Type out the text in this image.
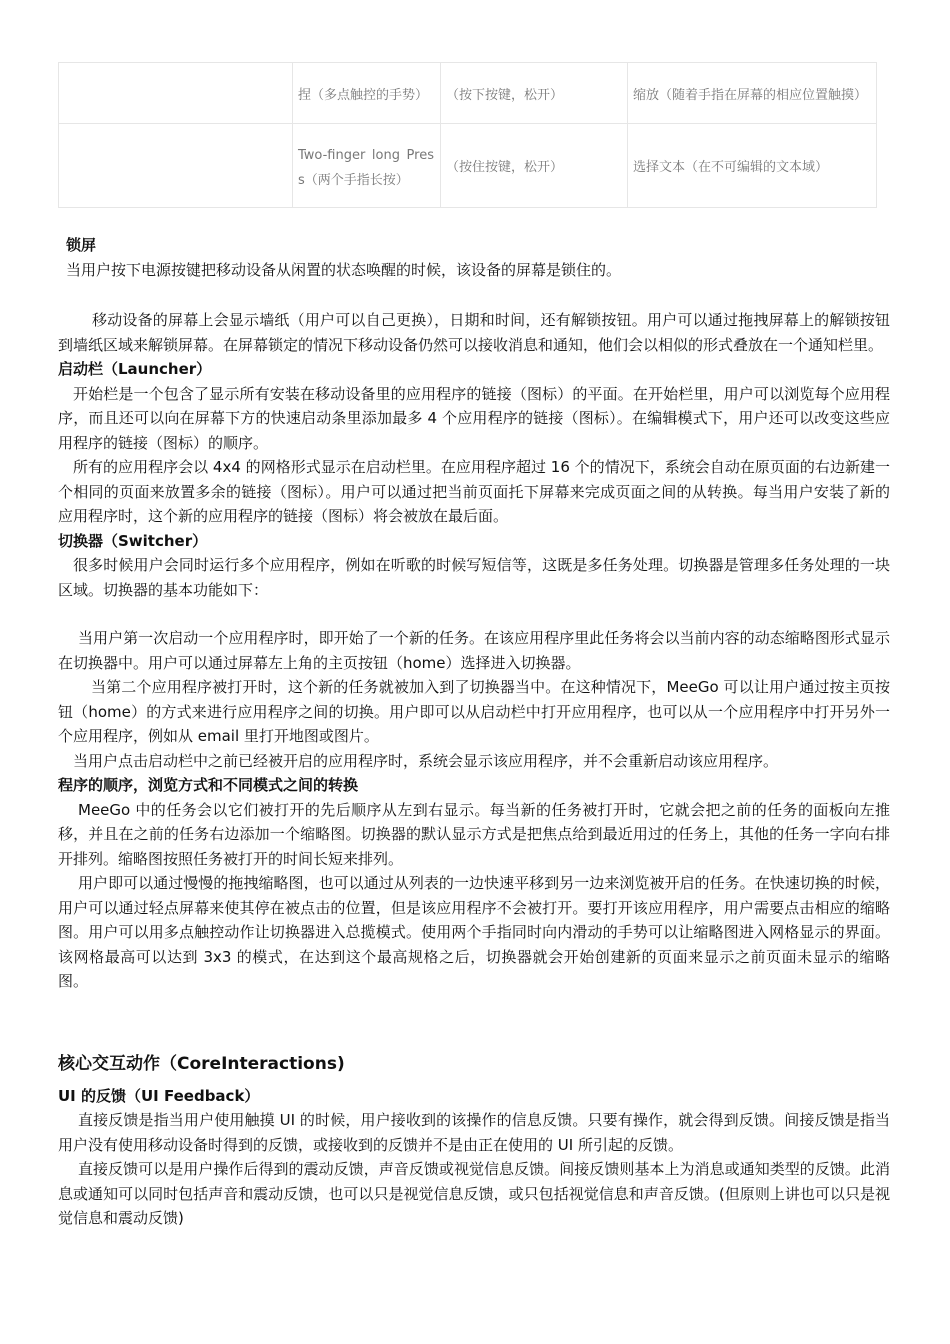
	捏（多点触控的手势）	（按下按键，松开）	缩放（随着手指在屏幕的相应位置触摸）
	Two-finger long Press（两个手指长按）	（按住按键，松开）	选择文本（在不可编辑的文本域）
锁屏

当用户按下电源按键把移动设备从闲置的状态唤醒的时候，该设备的屏幕是锁住的。

移动设备的屏幕上会显示墙纸（用户可以自己更换），日期和时间，还有解锁按钮。用户可以通过拖拽屏幕上的解锁按钮到墙纸区域来解锁屏幕。在屏幕锁定的情况下移动设备仍然可以接收消息和通知，他们会以相似的形式叠放在一个通知栏里。

启动栏（Launcher）

开始栏是一个包含了显示所有安装在移动设备里的应用程序的链接（图标）的平面。在开始栏里，用户可以浏览每个应用程序，而且还可以向在屏幕下方的快速启动条里添加最多 4 个应用程序的链接（图标）。在编辑模式下，用户还可以改变这些应用程序的链接（图标）的顺序。

所有的应用程序会以 4x4 的网格形式显示在启动栏里。在应用程序超过 16 个的情况下，系统会自动在原页面的右边新建一个相同的页面来放置多余的链接（图标）。用户可以通过把当前页面托下屏幕来完成页面之间的从转换。每当用户安装了新的应用程序时，这个新的应用程序的链接（图标）将会被放在最后面。

切换器（Switcher）

很多时候用户会同时运行多个应用程序，例如在听歌的时候写短信等，这既是多任务处理。切换器是管理多任务处理的一块区域。切换器的基本功能如下：

当用户第一次启动一个应用程序时，即开始了一个新的任务。在该应用程序里此任务将会以当前内容的动态缩略图形式显示在切换器中。用户可以通过屏幕左上角的主页按钮（home）选择进入切换器。

当第二个应用程序被打开时，这个新的任务就被加入到了切换器当中。在这种情况下，MeeGo 可以让用户通过按主页按钮（home）的方式来进行应用程序之间的切换。用户即可以从启动栏中打开应用程序，也可以从一个应用程序中打开另外一个应用程序，例如从 email 里打开地图或图片。

当用户点击启动栏中之前已经被开启的应用程序时，系统会显示该应用程序，并不会重新启动该应用程序。

程序的顺序，浏览方式和不同模式之间的转换

MeeGo 中的任务会以它们被打开的先后顺序从左到右显示。每当新的任务被打开时，它就会把之前的任务的面板向左推移，并且在之前的任务右边添加一个缩略图。切换器的默认显示方式是把焦点给到最近用过的任务上，其他的任务一字向右排开排列。缩略图按照任务被打开的时间长短来排列。

用户即可以通过慢慢的拖拽缩略图，也可以通过从列表的一边快速平移到另一边来浏览被开启的任务。在快速切换的时候，用户可以通过轻点屏幕来使其停在被点击的位置，但是该应用程序不会被打开。要打开该应用程序，用户需要点击相应的缩略图。用户可以用多点触控动作让切换器进入总揽模式。使用两个手指同时向内滑动的手势可以让缩略图进入网格显示的界面。该网格最高可以达到 3x3 的模式，在达到这个最高规格之后，切换器就会开始创建新的页面来显示之前页面未显示的缩略图。

核心交互动作（CoreInteractions)
UI 的反馈（UI Feedback）

直接反馈是指当用户使用触摸 UI 的时候，用户接收到的该操作的信息反馈。只要有操作，就会得到反馈。间接反馈是指当用户没有使用移动设备时得到的反馈，或接收到的反馈并不是由正在使用的 UI 所引起的反馈。

直接反馈可以是用户操作后得到的震动反馈，声音反馈或视觉信息反馈。间接反馈则基本上为消息或通知类型的反馈。此消息或通知可以同时包括声音和震动反馈，也可以只是视觉信息反馈，或只包括视觉信息和声音反馈。(但原则上讲也可以只是视觉信息和震动反馈)
